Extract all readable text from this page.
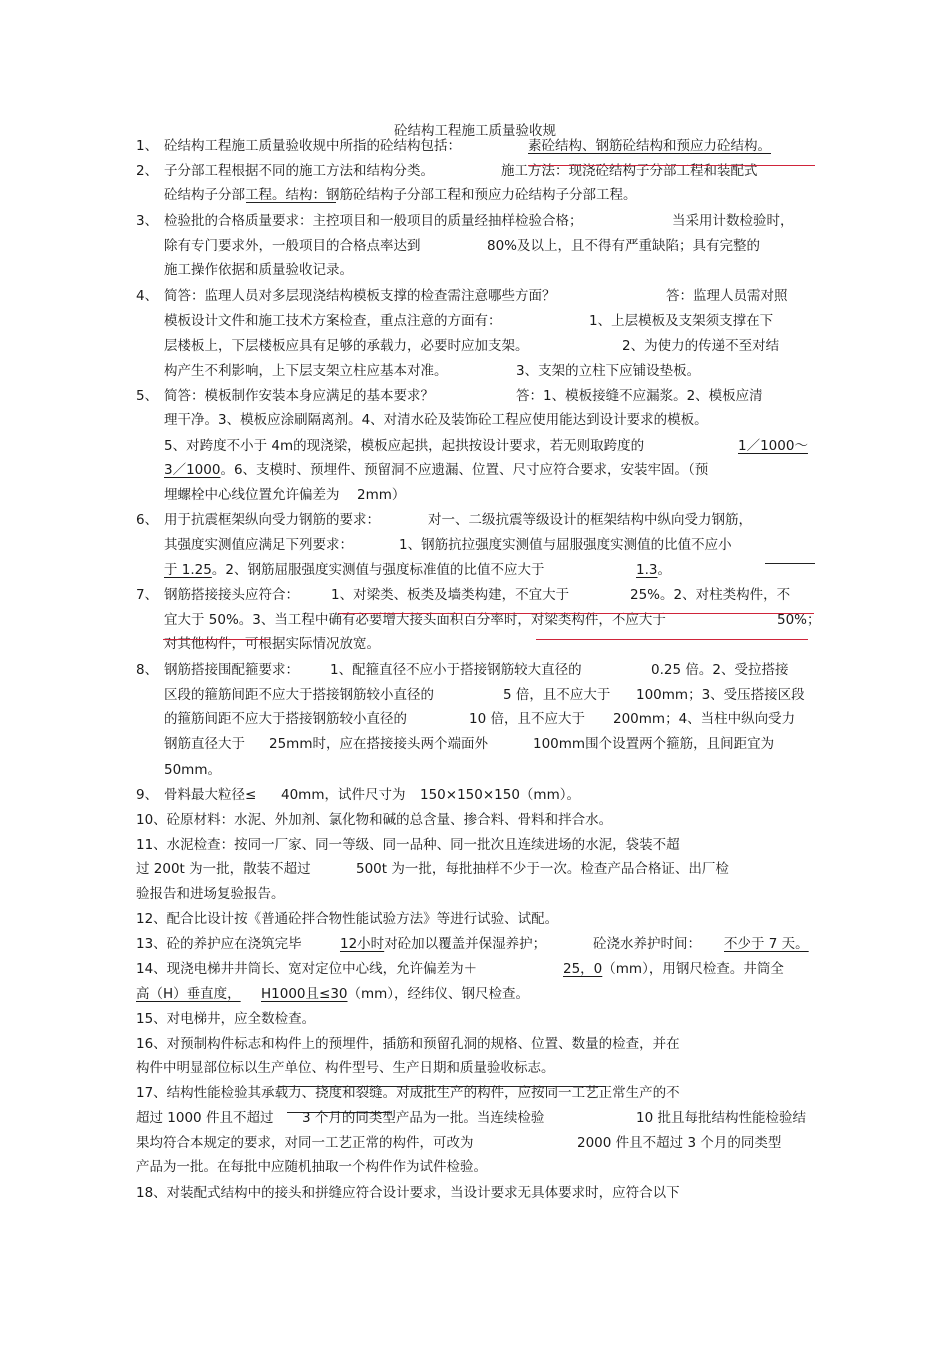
砼结构工程施工质量验收规
1、 砼结构工程施工质量验收规中所指的砼结构包括：	素砼结构、钢筋砼结构和预应力砼结构。
2、 子分部工程根据不同的施工方法和结构分类。	施工方法：现浇砼结构子分部工程和装配式
砼结构子分部工程。结构：钢筋砼结构子分部工程和预应力砼结构子分部工程。
3、 检验批的合格质量要求：主控项目和一般项目的质量经抽样检验合格；	当采用计数检验时，
除有专门要求外，一般项目的合格点率达到	80%及以上，且不得有严重缺陷；具有完整的
施工操作依据和质量验收记录。
4、 简答：监理人员对多层现浇结构模板支撑的检查需注意哪些方面？	答：监理人员需对照
模板设计文件和施工技术方案检查，重点注意的方面有：	1、上层模板及支架须支撑在下
层楼板上，下层楼板应具有足够的承载力，必要时应加支架。	2、为使力的传递不至对结
构产生不利影响，上下层支架立柱应基本对准。	3、支架的立柱下应铺设垫板。
5、 简答：模板制作安装本身应满足的基本要求？	答：1、模板接缝不应漏浆。2、模板应清
理干净。3、模板应涂刷隔离剂。4、对清水砼及装饰砼工程应使用能达到设计要求的模板。
5、对跨度不小于 4m的现浇梁，模板应起拱，起拱按设计要求，若无则取跨度的	1／1000～
3／1000。6、支模时、预埋件、预留洞不应遗漏、位置、尺寸应符合要求，安装牢固。（预
埋螺栓中心线位置允许偏差为 2mm）
6、 用于抗震框架纵向受力钢筋的要求：	对一、二级抗震等级设计的框架结构中纵向受力钢筋，
其强度实测值应满足下列要求：	1、钢筋抗拉强度实测值与屈服强度实测值的比值不应小
于 1.25。2、钢筋屈服强度实测值与强度标准值的比值不应大于	1.3。
7、 钢筋搭接接头应符合： 1、对梁类、板类及墙类构建，不宜大于	25%。2、对柱类构件，不
宜大于 50%。3、当工程中确有必要增大接头面积百分率时，对梁类构件，不应大于	50%；
对其他构件，可根据实际情况放宽。
8、 钢筋搭接围配箍要求： 1、配箍直径不应小于搭接钢筋较大直径的	0.25 倍。2、受拉搭接
区段的箍筋间距不应大于搭接钢筋较小直径的	5 倍，且不应大于 100mm；3、受压搭接区段
的箍筋间距不应大于搭接钢筋较小直径的	10 倍，且不应大于 200mm；4、当柱中纵向受力
钢筋直径大于 25mm时，应在搭接接头两个端面外	100mm围个设置两个箍筋，且间距宜为
50mm。
9、 骨料最大粒径≤ 40mm，试件尺寸为 150×150×150（mm）。
10、砼原材料：水泥、外加剂、氯化物和碱的总含量、掺合料、骨料和拌合水。
11、水泥检查：按同一厂家、同一等级、同一品种、同一批次且连续进场的水泥，袋装不超
过 200t 为一批，散装不超过	500t 为一批，每批抽样不少于一次。检查产品合格证、出厂检
验报告和进场复验报告。
12、配合比设计按《普通砼拌合物性能试验方法》等进行试验、试配。
13、砼的养护应在浇筑完毕	12小时对砼加以覆盖并保湿养护；	砼浇水养护时间： 不少于 7 天。
14、现浇电梯井井筒长、宽对定位中心线，允许偏差为＋	25，0（mm），用钢尺检查。井筒全
高（H）垂直度， H1000且≤30（mm），经纬仪、钢尺检查。
15、对电梯井，应全数检查。
16、对预制构件标志和构件上的预埋件，插筋和预留孔洞的规格、位置、数量的检查，并在
构件中明显部位标以生产单位、构件型号、生产日期和质量验收标志。
17、结构性能检验其承载力、挠度和裂缝。对成批生产的构件，应按同一工艺正常生产的不
超过 1000 件且不超过 3 个月的同类型产品为一批。当连续检验	10 批且每批结构性能检验结
果均符合本规定的要求，对同一工艺正常的构件，可改为	2000 件且不超过 3 个月的同类型
产品为一批。在每批中应随机抽取一个构件作为试件检验。
18、对装配式结构中的接头和拼缝应符合设计要求，当设计要求无具体要求时，应符合以下
